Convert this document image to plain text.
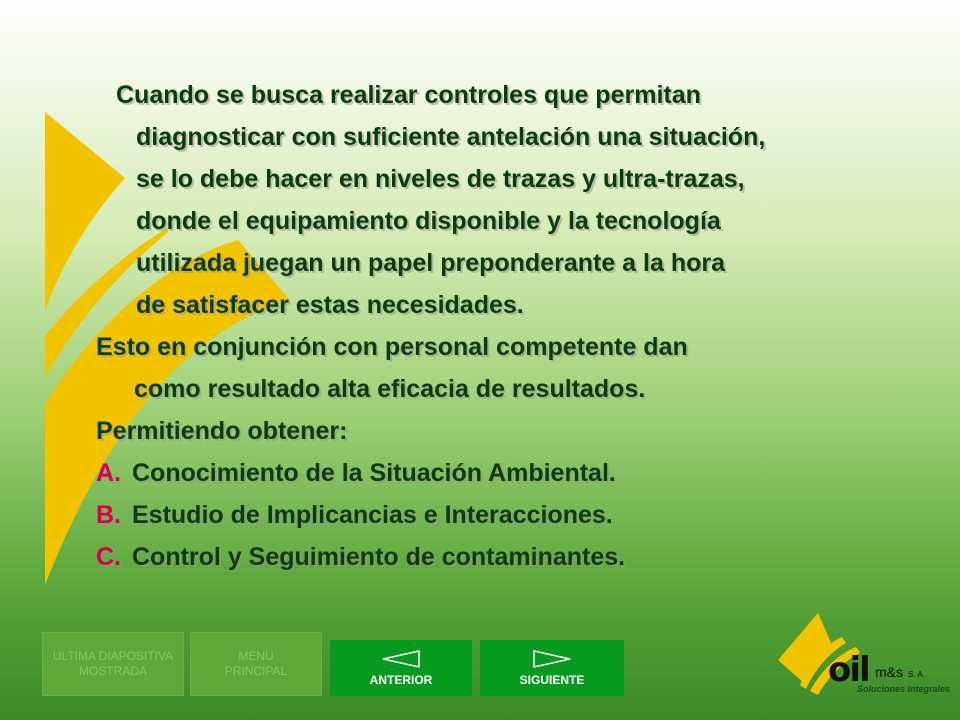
Cuando se busca realizar controles que permitan
diagnosticar con suficiente antelación una situación,
se lo debe hacer en niveles de trazas y ultra-trazas,
donde el equipamiento disponible y la tecnología
utilizada juegan un papel preponderante a la hora
de satisfacer estas necesidades.
Esto en conjunción con personal competente dan
como resultado alta eficacia de resultados.
Permitiendo obtener:
A. Conocimiento de la Situación Ambiental.
B. Estudio de Implicancias e Interacciones.
C. Control y Seguimiento de contaminantes.
ULTIMA DIAPOSITIVA
MOSTRADA
MENU
PRINCIPAL
ANTERIOR	SIGUIENTE	oil m&s S. A.
Soluciones Integrales
